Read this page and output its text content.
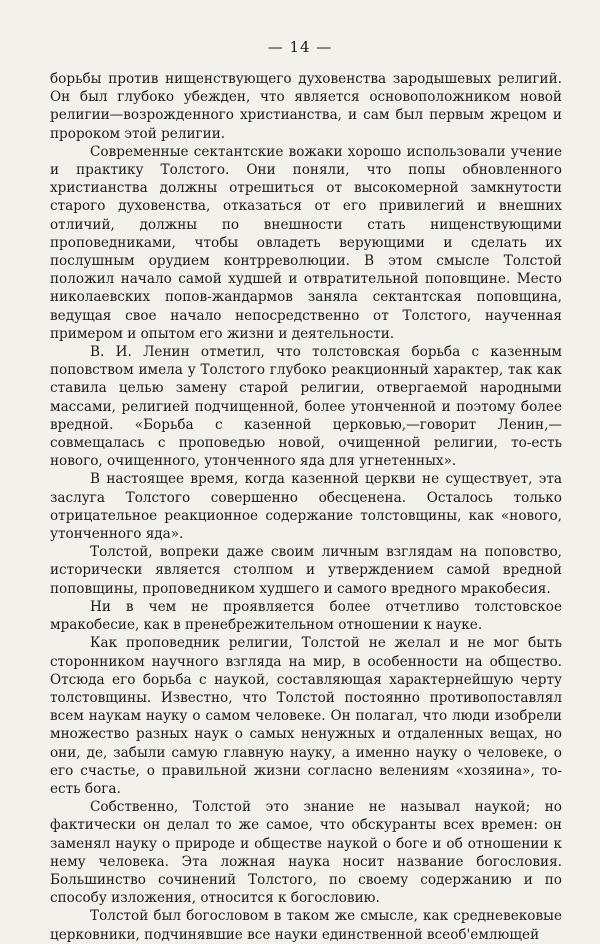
— 14 —

борьбы против нищенствующего духовенства зародышевых религий. Он был глубоко убежден, что является основоположником новой религии—возрожденного христианства, и сам был первым жрецом и пророком этой религии.

Современные сектантские вожаки хорошо использовали учение и практику Толстого. Они поняли, что попы обновленного христианства должны отрешиться от высокомерной замкнутости старого духовенства, отказаться от его привилегий и внешних отличий, должны по внешности стать нищенствующими проповедниками, чтобы овладеть верующими и сделать их послушным орудием контрреволюции. В этом смысле Толстой положил начало самой худшей и отвратительной поповщине. Место николаевских попов-жандармов заняла сектантская поповщина, ведущая свое начало непосредственно от Толстого, наученная примером и опытом его жизни и деятельности.

В. И. Ленин отметил, что толстовская борьба с казенным поповством имела у Толстого глубоко реакционный характер, так как ставила целью замену старой религии, отвергаемой народными массами, религией подчищенной, более утонченной и поэтому более вредной. «Борьба с казенной церковью,—говорит Ленин,—совмещалась с проповедью новой, очищенной религии, то-есть нового, очищенного, утонченного яда для угнетенных».

В настоящее время, когда казенной церкви не существует, эта заслуга Толстого совершенно обесценена. Осталось только отрицательное реакционное содержание толстовщины, как «нового, утонченного яда».

Толстой, вопреки даже своим личным взглядам на поповство, исторически является столпом и утверждением самой вредной поповщины, проповедником худшего и самого вредного мракобесия.

Ни в чем не проявляется более отчетливо толстовское мракобесие, как в пренебрежительном отношении к науке.

Как проповедник религии, Толстой не желал и не мог быть сторонником научного взгляда на мир, в особенности на общество. Отсюда его борьба с наукой, составляющая характернейшую черту толстовщины. Известно, что Толстой постоянно противопоставлял всем наукам науку о самом человеке. Он полагал, что люди изобрели множество разных наук о самых ненужных и отдаленных вещах, но они, де, забыли самую главную науку, а именно науку о человеке, о его счастье, о правильной жизни согласно велениям «хозяина», то-есть бога.

Собственно, Толстой это знание не называл наукой; но фактически он делал то же самое, что обскуранты всех времен: он заменял науку о природе и обществе наукой о боге и об отношении к нему человека. Эта ложная наука носит название богословия. Большинство сочинений Толстого, по своему содержанию и по способу изложения, относится к богословию.

Толстой был богословом в таком же смысле, как средневековые церковники, подчинявшие все науки единственной всеоб'емлющей
